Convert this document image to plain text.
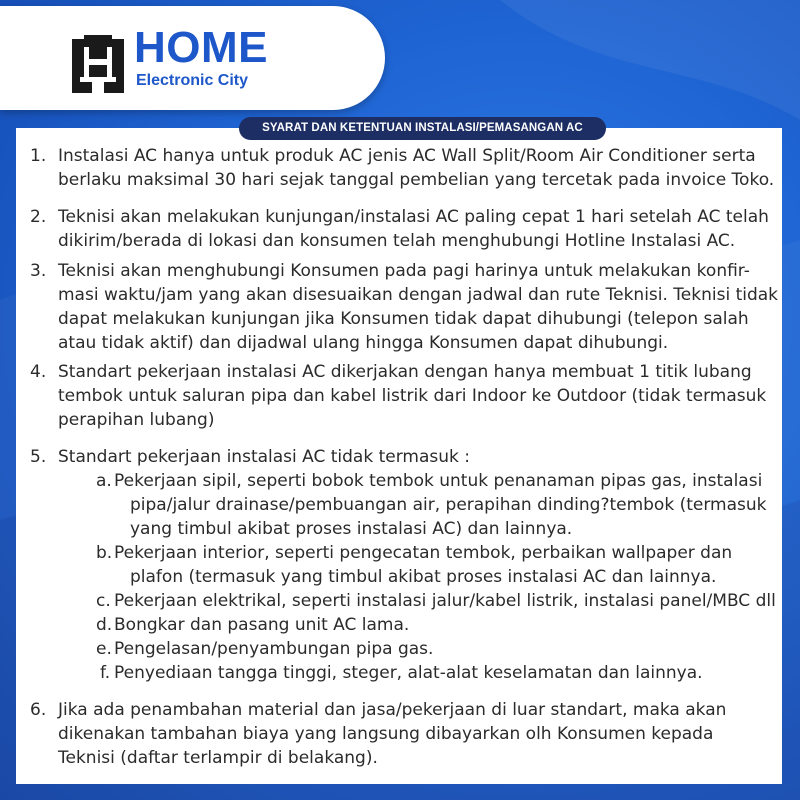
HOME
Electronic City
SYARAT DAN KETENTUAN INSTALASI/PEMASANGAN AC
1. Instalasi AC hanya untuk produk AC jenis AC Wall Split/Room Air Conditioner serta
berlaku maksimal 30 hari sejak tanggal pembelian yang tercetak pada invoice Toko.
2. Teknisi akan melakukan kunjungan/instalasi AC paling cepat 1 hari setelah AC telah
dikirim/berada di lokasi dan konsumen telah menghubungi Hotline Instalasi AC.
3. Teknisi akan menghubungi Konsumen pada pagi harinya untuk melakukan konfir-
masi waktu/jam yang akan disesuaikan dengan jadwal dan rute Teknisi. Teknisi tidak
dapat melakukan kunjungan jika Konsumen tidak dapat dihubungi (telepon salah
atau tidak aktif) dan dijadwal ulang hingga Konsumen dapat dihubungi.
4. Standart pekerjaan instalasi AC dikerjakan dengan hanya membuat 1 titik lubang
tembok untuk saluran pipa dan kabel listrik dari Indoor ke Outdoor (tidak termasuk
perapihan lubang)
5. Standart pekerjaan instalasi AC tidak termasuk :
a. Pekerjaan sipil, seperti bobok tembok untuk penanaman pipas gas, instalasi
pipa/jalur drainase/pembuangan air, perapihan dinding?tembok (termasuk
yang timbul akibat proses instalasi AC) dan lainnya.
b. Pekerjaan interior, seperti pengecatan tembok, perbaikan wallpaper dan
plafon (termasuk yang timbul akibat proses instalasi AC dan lainnya.
c. Pekerjaan elektrikal, seperti instalasi jalur/kabel listrik, instalasi panel/MBC dll
d. Bongkar dan pasang unit AC lama.
e. Pengelasan/penyambungan pipa gas.
f. Penyediaan tangga tinggi, steger, alat-alat keselamatan dan lainnya.
6. Jika ada penambahan material dan jasa/pekerjaan di luar standart, maka akan
dikenakan tambahan biaya yang langsung dibayarkan olh Konsumen kepada
Teknisi (daftar terlampir di belakang).
